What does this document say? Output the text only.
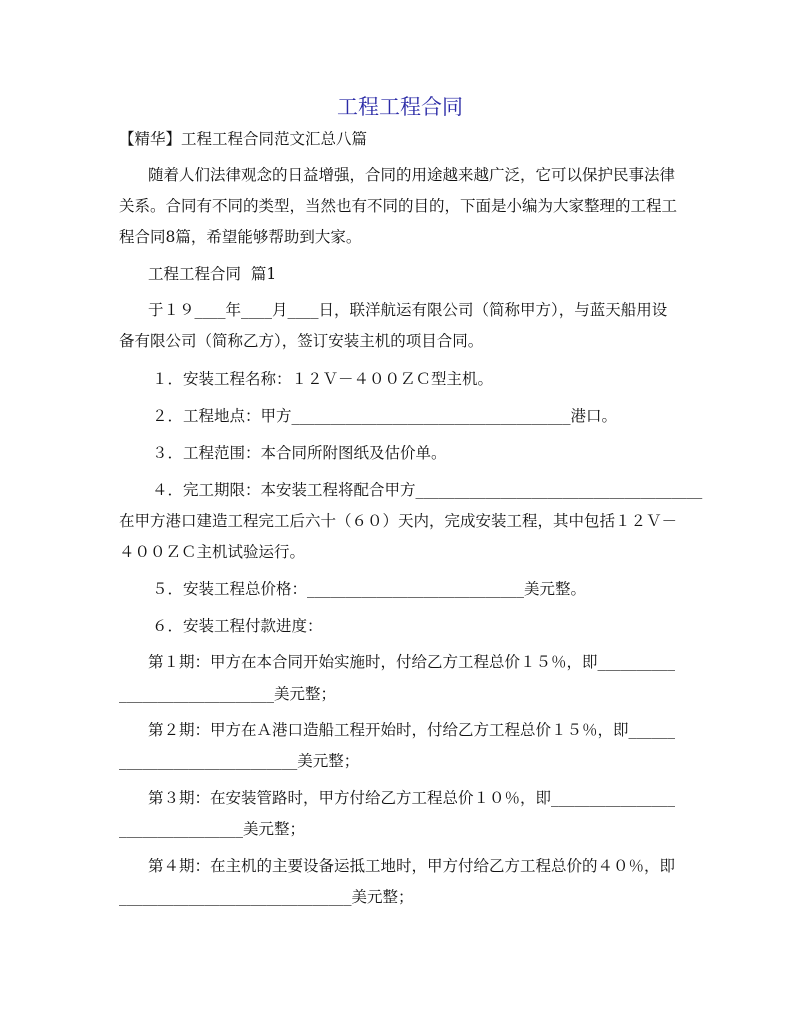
工程工程合同
【精华】工程工程合同范文汇总八篇
随着人们法律观念的日益增强，合同的用途越来越广泛，它可以保护民事法律
关系。合同有不同的类型，当然也有不同的目的，下面是小编为大家整理的工程工
程合同8篇，希望能够帮助到大家。
工程工程合同  篇1
于１９____年____月____日，联洋航运有限公司（简称甲方），与蓝天船用设
备有限公司（简称乙方），签订安装主机的项目合同。
１．安装工程名称：１２Ｖ－４００ＺＣ型主机。
２．工程地点：甲方____________________________________港口。
３．工程范围：本合同所附图纸及估价单。
４．完工期限：本安装工程将配合甲方_____________________________________
在甲方港口建造工程完工后六十（６０）天内，完成安装工程，其中包括１２Ｖ－
４００ＺＣ主机试验运行。
５．安装工程总价格：____________________________美元整。
６．安装工程付款进度：
第１期：甲方在本合同开始实施时，付给乙方工程总价１５％，即__________
____________________美元整；
第２期：甲方在Ａ港口造船工程开始时，付给乙方工程总价１５％，即______
_______________________美元整；
第３期：在安装管路时，甲方付给乙方工程总价１０％，即________________
________________美元整；
第４期：在主机的主要设备运抵工地时，甲方付给乙方工程总价的４０％，即
______________________________美元整；
